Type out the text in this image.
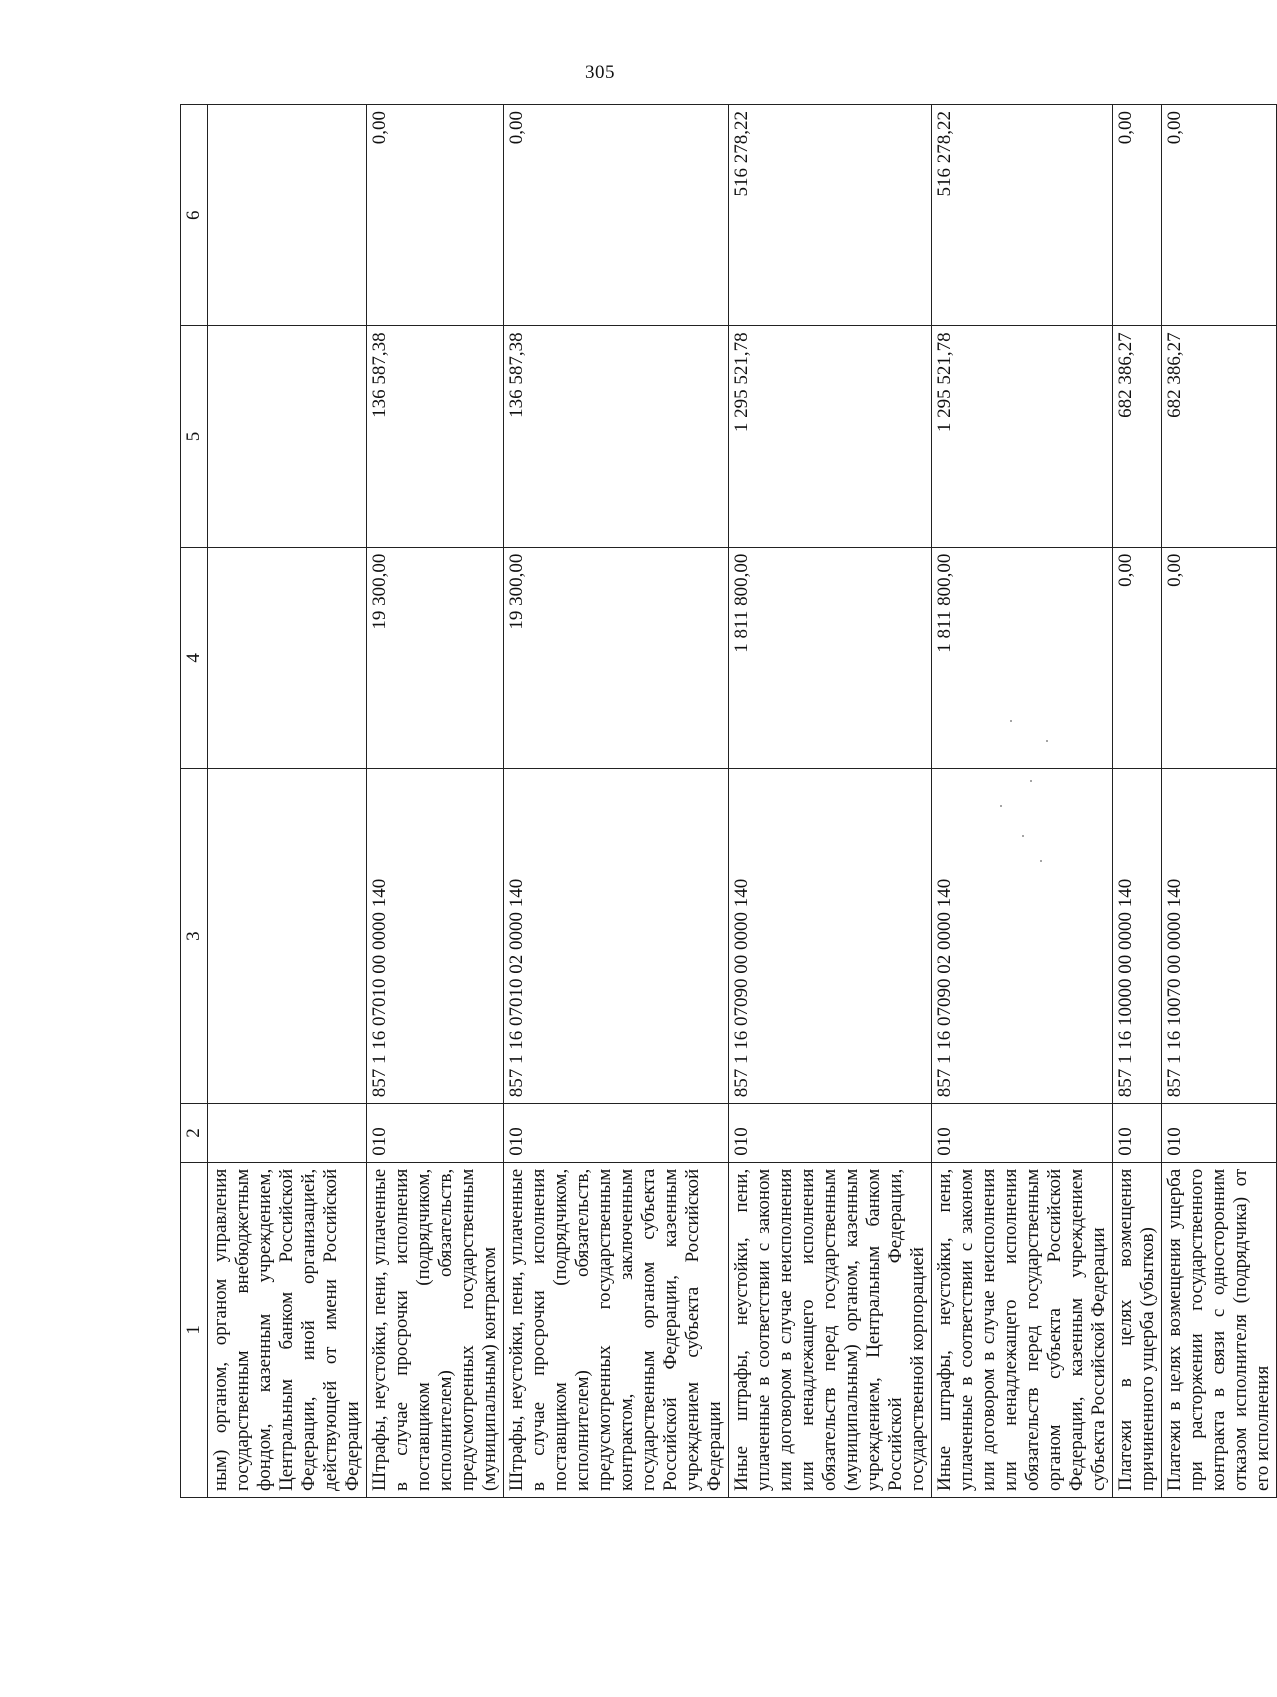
305
1	2	3	4	5	6
ным) органом, органом управления государственным внебюджетным фондом, казенным учреждением, Центральным банком Российской Федерации, иной организацией, действующей от имени Российской Федерации					
Штрафы, неустойки, пени, уплаченные в случае просрочки исполнения поставщиком (подрядчиком, исполнителем) обязательств, предусмотренных государственным (муниципальным) контрактом	010	857 1 16 07010 00 0000 140	19 300,00	136 587,38	0,00
Штрафы, неустойки, пени, уплаченные в случае просрочки исполнения поставщиком (подрядчиком, исполнителем) обязательств, предусмотренных государственным контрактом, заключенным государственным органом субъекта Российской Федерации, казенным учреждением субъекта Российской Федерации	010	857 1 16 07010 02 0000 140	19 300,00	136 587,38	0,00
Иные штрафы, неустойки, пени, уплаченные в соответствии с законом или договором в случае неисполнения или ненадлежащего исполнения обязательств перед государственным (муниципальным) органом, казенным учреждением, Центральным банком Российской Федерации, государственной корпорацией	010	857 1 16 07090 00 0000 140	1 811 800,00	1 295 521,78	516 278,22
Иные штрафы, неустойки, пени, уплаченные в соответствии с законом или договором в случае неисполнения или ненадлежащего исполнения обязательств перед государственным органом субъекта Российской Федерации, казенным учреждением субъекта Российской Федерации	010	857 1 16 07090 02 0000 140	1 811 800,00	1 295 521,78	516 278,22
Платежи в целях возмещения причиненного ущерба (убытков)	010	857 1 16 10000 00 0000 140	0,00	682 386,27	0,00
Платежи в целях возмещения ущерба при расторжении государственного контракта в связи с односторонним отказом исполнителя (подрядчика) от его исполнения	010	857 1 16 10070 00 0000 140	0,00	682 386,27	0,00
